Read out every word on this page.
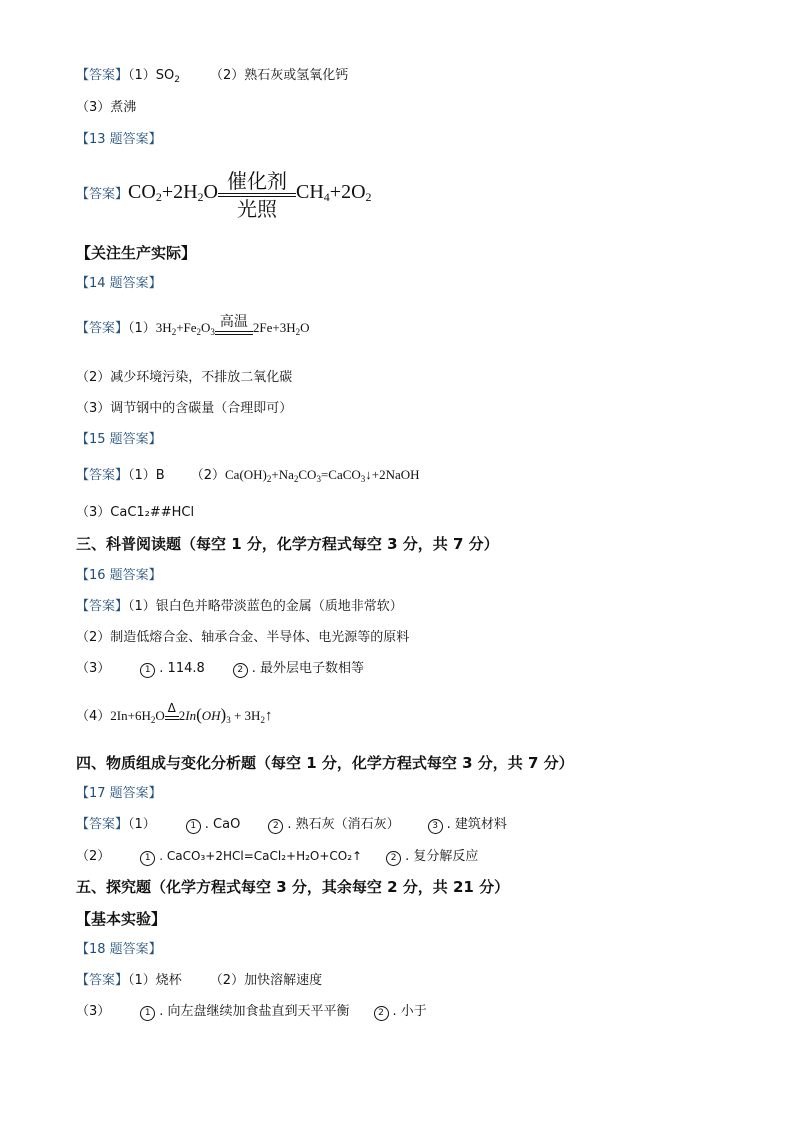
【答案】$(1)SO_2$ （2）熟石灰或氢氧化钙
（3）煮沸
【13 题答案】
【答案】$CO_2+2H_2O$ 催化剂
光照
$CH_4+2O_2$
【关注生产实际】
【14 题答案】
【答案】$(1)3H_2+Fe_2O_3$
高温 $2Fe+3H_2O$
（2）减少环境污染，不排放二氧化碳
（3）调节钢中的含碳量（合理即可）
【15 题答案】
【答案】（1）B $(2)Ca(OH)_2+Na_2CO_3=CaCO_3↓+2NaOH$
（3）CaC1₂##HCl
三、科普阅读题（每空 1 分，化学方程式每空 3 分，共 7 分）
【16 题答案】
【答案】（1）银白色并略带淡蓝色的金属（质地非常软）
（2）制造低熔合金、轴承合金、半导体、电光源等的原料
（3）	1 . 114.8	2 . 最外层电子数相等
$(4)2In+6H_2O$ Δ $2In(OH)_3$ + $3H_2↑$
四、物质组成与变化分析题（每空 1 分，化学方程式每空 3 分，共 7 分）
【17 题答案】
【答案】（1）	1 . CaO	2 . 熟石灰（消石灰）	3 . 建筑材料
（2）	1 . CaCO₃+2HCl=CaCl₂+H₂O+CO₂↑	2 . 复分解反应
五、探究题（化学方程式每空 3 分，其余每空 2 分，共 21 分）
【基本实验】
【18 题答案】
【答案】（1）烧杯 （2）加快溶解速度
（3）	1 . 向左盘继续加食盐直到天平平衡	2 . 小于
